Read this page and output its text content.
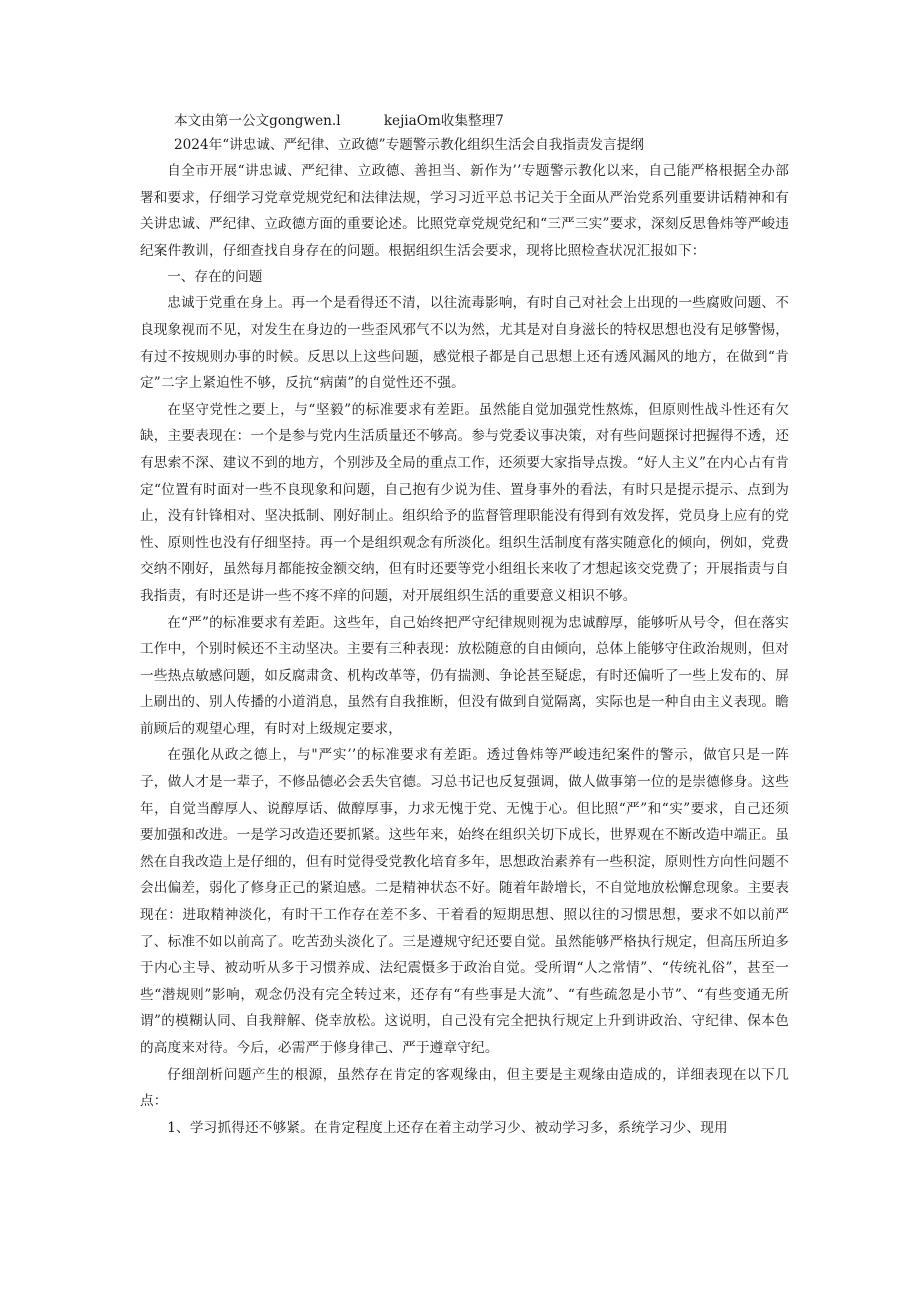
本文由第一公文gongwen.l          kejiaOm收集整理7
2024年“讲忠诚、严纪律、立政德”专题警示教化组织生活会自我指责发言提纲

自全市开展“讲忠诚、严纪律、立政德、善担当、新作为’’专题警示教化以来，自己能严格根据全办部署和要求，仔细学习党章党规党纪和法律法规，学习习近平总书记关于全面从严治党系列重要讲话精神和有关讲忠诚、严纪律、立政德方面的重要论述。比照党章党规党纪和“三严三实”要求，深刻反思鲁炜等严峻违纪案件教训，仔细查找自身存在的问题。根据组织生活会要求，现将比照检查状况汇报如下：

一、存在的问题

忠诚于党重在身上。再一个是看得还不清，以往流毒影响，有时自己对社会上出现的一些腐败问题、不良现象视而不见，对发生在身边的一些歪风邪气不以为然，尤其是对自身滋长的特权思想也没有足够警惕，有过不按规则办事的时候。反思以上这些问题，感觉根子都是自己思想上还有透风漏风的地方，在做到“肯定”二字上紧迫性不够，反抗“病菌”的自觉性还不强。

在坚守党性之要上，与“坚毅”的标准要求有差距。虽然能自觉加强党性熬炼，但原则性战斗性还有欠缺，主要表现在：一个是参与党内生活质量还不够高。参与党委议事决策，对有些问题探讨把握得不透，还有思索不深、建议不到的地方，个别涉及全局的重点工作，还须要大家指导点拨。“好人主义”在内心占有肯定“位置有时面对一些不良现象和问题，自己抱有少说为佳、置身事外的看法，有时只是提示提示、点到为止，没有针锋相对、坚决抵制、刚好制止。组织给予的监督管理职能没有得到有效发挥，党员身上应有的党性、原则性也没有仔细坚持。再一个是组织观念有所淡化。组织生活制度有落实随意化的倾向，例如，党费交纳不刚好，虽然每月都能按金额交纳，但有时还要等党小组组长来收了才想起该交党费了；开展指责与自我指责，有时还是讲一些不疼不痒的问题，对开展组织生活的重要意义相识不够。

在“严”的标准要求有差距。这些年，自己始终把严守纪律规则视为忠诚醇厚，能够听从号令，但在落实工作中，个别时候还不主动坚决。主要有三种表现：放松随意的自由倾向，总体上能够守住政治规则，但对一些热点敏感问题，如反腐肃贪、机构改革等，仍有揣测、争论甚至疑虑，有时还偏听了一些上发布的、屏上刷出的、别人传播的小道消息，虽然有自我推断，但没有做到自觉隔离，实际也是一种自由主义表现。瞻前顾后的观望心理，有时对上级规定要求，

在强化从政之德上，与"严实’’的标准要求有差距。透过鲁炜等严峻违纪案件的警示，做官只是一阵子，做人才是一辈子，不修品德必会丢失官德。习总书记也反复强调，做人做事第一位的是崇德修身。这些年，自觉当醇厚人、说醇厚话、做醇厚事，力求无愧于党、无愧于心。但比照“严”和“实”要求，自己还须要加强和改进。一是学习改造还要抓紧。这些年来，始终在组织关切下成长，世界观在不断改造中端正。虽然在自我改造上是仔细的，但有时觉得受党教化培育多年，思想政治素养有一些积淀，原则性方向性问题不会出偏差，弱化了修身正己的紧迫感。二是精神状态不好。随着年龄增长，不自觉地放松懈怠现象。主要表现在：进取精神淡化，有时干工作存在差不多、干着看的短期思想、照以往的习惯思想，要求不如以前严了、标准不如以前高了。吃苦劲头淡化了。三是遵规守纪还要自觉。虽然能够严格执行规定，但高压所迫多于内心主导、被动听从多于习惯养成、法纪震慑多于政治自觉。受所谓“人之常情”、“传统礼俗”，甚至一些“潜规则”影响，观念仍没有完全转过来，还存有“有些事是大流”、“有些疏忽是小节”、“有些变通无所谓”的模糊认同、自我辩解、侥幸放松。这说明，自己没有完全把执行规定上升到讲政治、守纪律、保本色的高度来对待。今后，必需严于修身律己、严于遵章守纪。

仔细剖析问题产生的根源，虽然存在肯定的客观缘由，但主要是主观缘由造成的，详细表现在以下几点：

1、学习抓得还不够紧。在肯定程度上还存在着主动学习少、被动学习多，系统学习少、现用
